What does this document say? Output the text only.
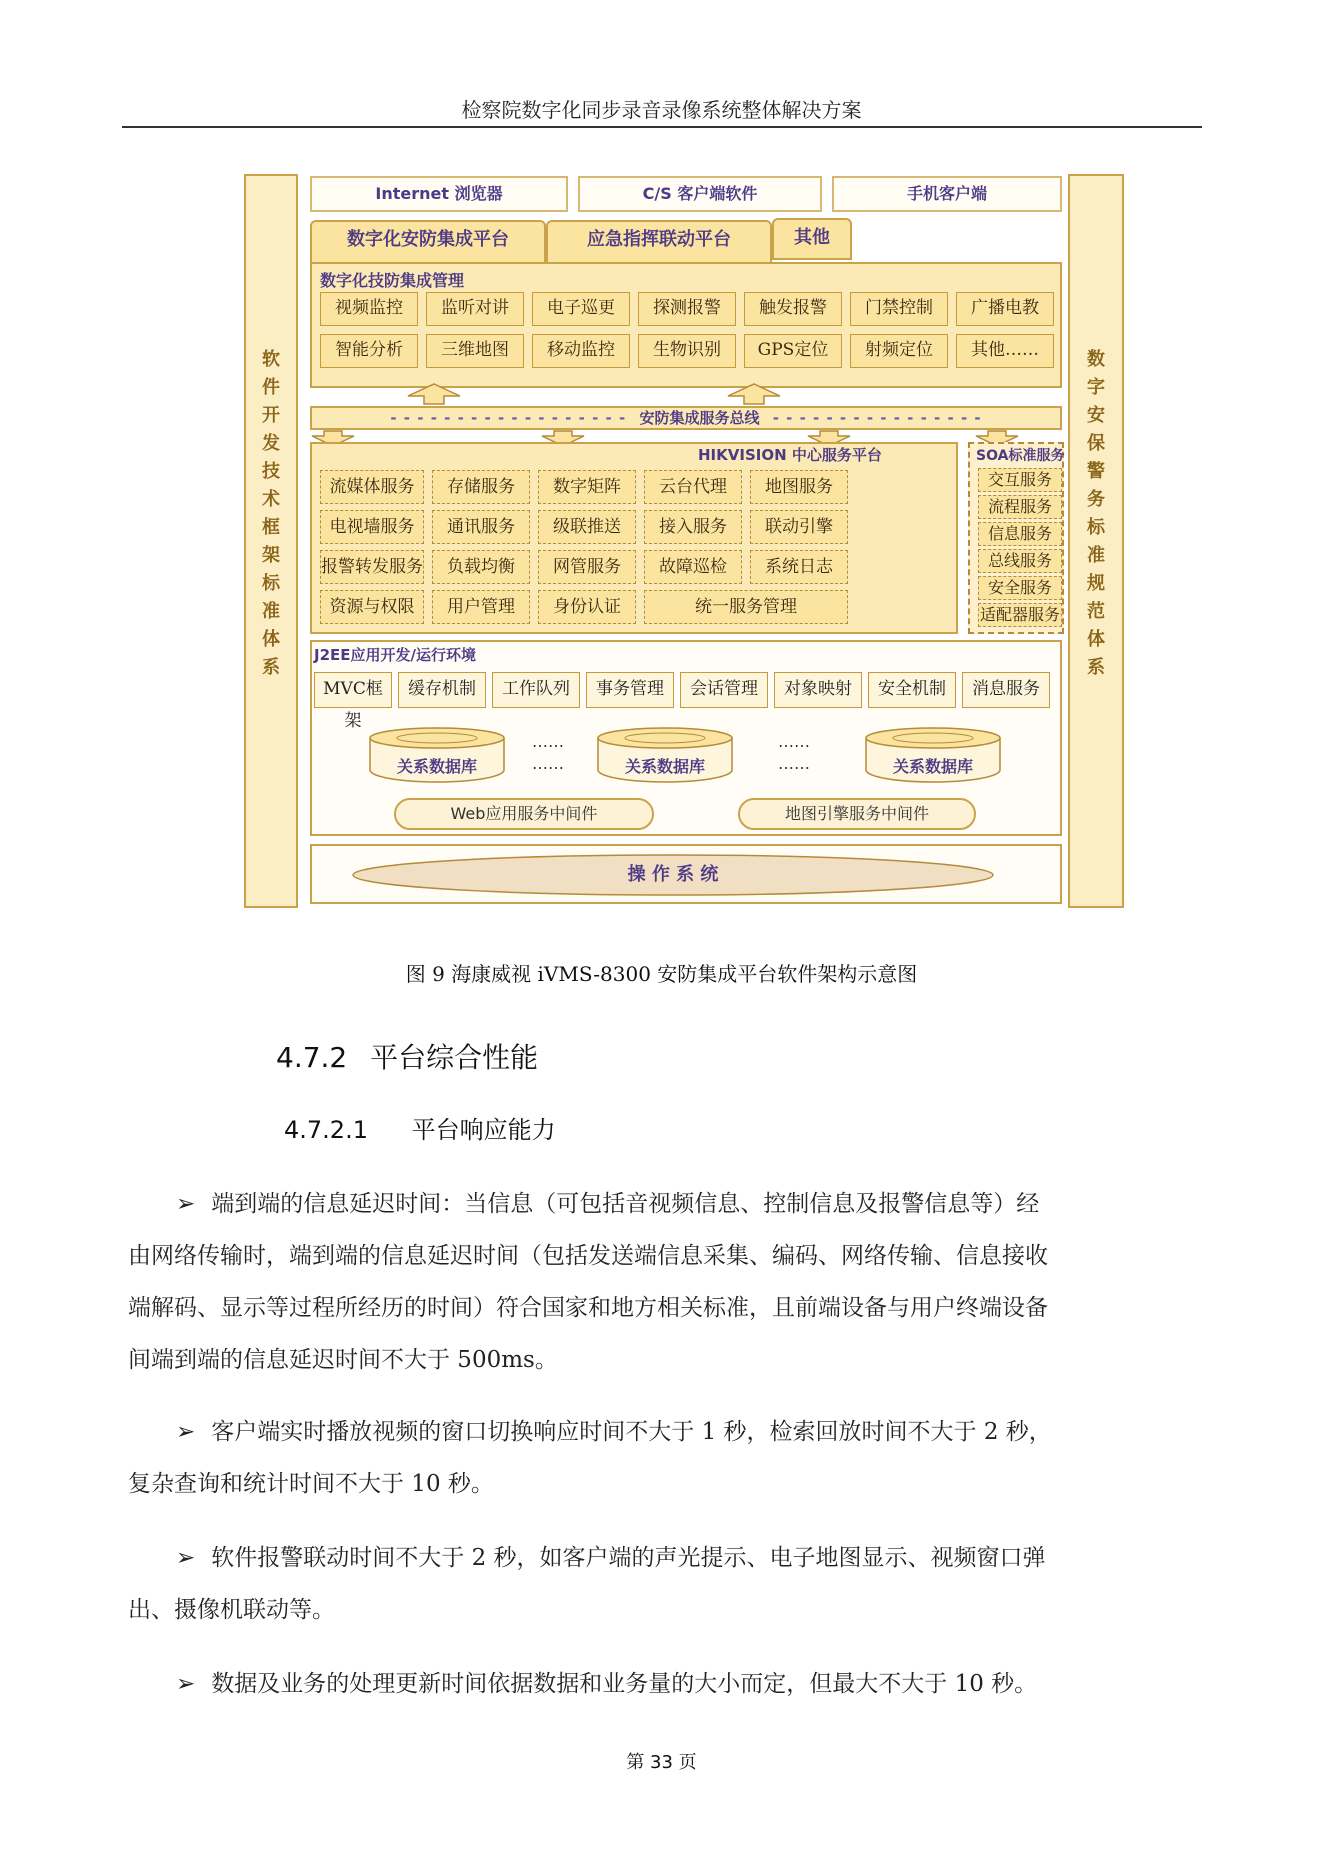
检察院数字化同步录音录像系统整体解决方案
软
件
开
发
技
术
框
架
标
准
体
系
数
字
安
保
警
务
标
准
规
范
体
系
Internet 浏览器	C/S 客户端软件	手机客户端
数字化安防集成平台	应急指挥联动平台	其他
数字化技防集成管理
- - - - - - - - - - - - - - - - - - 安防集成服务总线 - - - - - - - - - - - - - - - -
HIKVISION 中心服务平台	SOA标准服务
J2EE应用开发/运行环境
……
……
……
……
Web应用服务中间件	地图引擎服务中间件
操 作 系 统
视频监控	监听对讲	电子巡更	探测报警	触发报警	门禁控制	广播电教
智能分析	三维地图	移动监控	生物识别	GPS定位	射频定位	其他……
流媒体服务	存储服务	数字矩阵	云台代理	地图服务
电视墙服务	通讯服务	级联推送	接入服务	联动引擎
报警转发服务	负载均衡	网管服务	故障巡检	系统日志
资源与权限	用户管理	身份认证	统一服务管理
交互服务
流程服务
信息服务
总线服务
安全服务
适配器服务
MVC框架
缓存机制	工作队列	事务管理	会话管理	对象映射	安全机制	消息服务
关系数据库	关系数据库	关系数据库
图 9 海康威视 iVMS-8300 安防集成平台软件架构示意图
4.7.2 平台综合性能
4.7.2.1 平台响应能力
➢ 端到端的信息延迟时间：当信息（可包括音视频信息、控制信息及报警信息等）经
由网络传输时，端到端的信息延迟时间（包括发送端信息采集、编码、网络传输、信息接收
端解码、显示等过程所经历的时间）符合国家和地方相关标准，且前端设备与用户终端设备
间端到端的信息延迟时间不大于 500ms。
➢ 客户端实时播放视频的窗口切换响应时间不大于 1 秒，检索回放时间不大于 2 秒，
复杂查询和统计时间不大于 10 秒。
➢ 软件报警联动时间不大于 2 秒，如客户端的声光提示、电子地图显示、视频窗口弹
出、摄像机联动等。
➢ 数据及业务的处理更新时间依据数据和业务量的大小而定，但最大不大于 10 秒。
第 33 页
